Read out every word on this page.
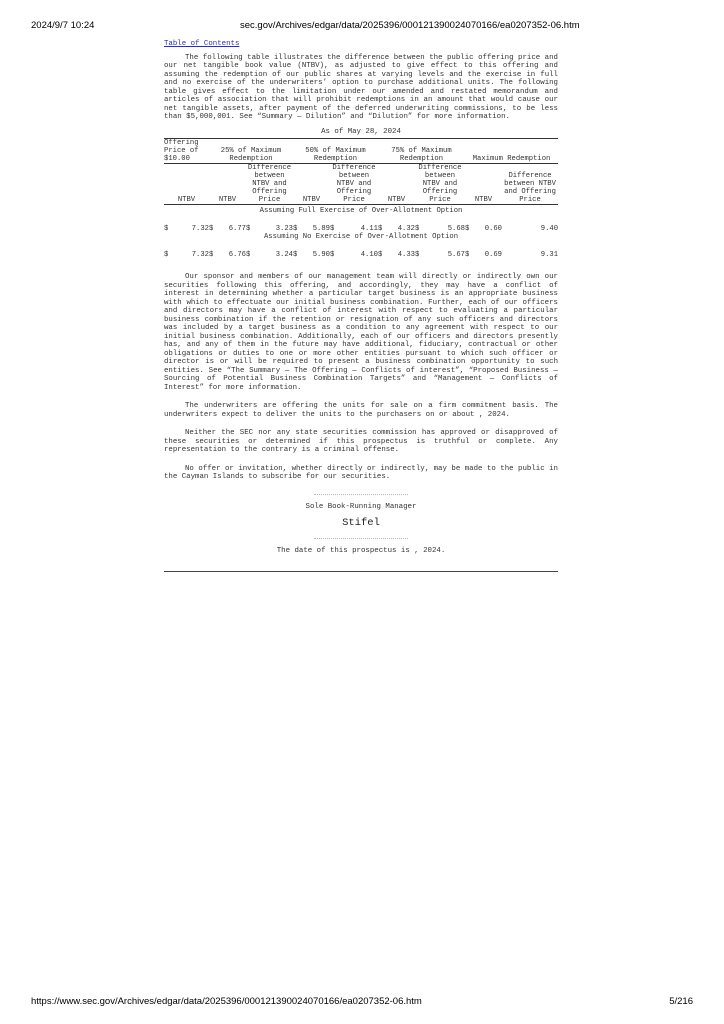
2024/9/7 10:24	sec.gov/Archives/edgar/data/2025396/000121390024070166/ea0207352-06.htm
Table of Contents

The following table illustrates the difference between the public offering price and our net tangible book value (NTBV), as adjusted to give effect to this offering and assuming the redemption of our public shares at varying levels and the exercise in full and no exercise of the underwriters’ option to purchase additional units. The following table gives effect to the limitation under our amended and restated memorandum and articles of association that will prohibit redemptions in an amount that would cause our net tangible assets, after payment of the deferred underwriting commissions, to be less than $5,000,001. See “Summary — Dilution” and “Dilution” for more information.

As of May 28, 2024

Offering Price of $10.00	25% of Maximum Redemption		50% of Maximum Redemption		75% of Maximum Redemption		Maximum Redemption	
NTBV	NTBV	Difference between NTBV and Offering Price	NTBV	Difference between NTBV and Offering Price	NTBV	Difference between NTBV and Offering Price	NTBV	Difference between NTBV and Offering Price
Assuming Full Exercise of Over-Allotment Option								

$ 7.32	$ 6.77	$ 3.23	$ 5.89	$ 4.11	$ 4.32	$ 5.68	$ 0.60	9.40
Assuming No Exercise of Over-Allotment Option								

$ 7.32	$ 6.76	$ 3.24	$ 5.90	$ 4.10	$ 4.33	$ 5.67	$ 0.69	9.31

Our sponsor and members of our management team will directly or indirectly own our securities following this offering, and accordingly, they may have a conflict of interest in determining whether a particular target business is an appropriate business with which to effectuate our initial business combination. Further, each of our officers and directors may have a conflict of interest with respect to evaluating a particular business combination if the retention or resignation of any such officers and directors was included by a target business as a condition to any agreement with respect to our initial business combination. Additionally, each of our officers and directors presently has, and any of them in the future may have additional, fiduciary, contractual or other obligations or duties to one or more other entities pursuant to which such officer or director is or will be required to present a business combination opportunity to such entities. See “The Summary — The Offering — Conflicts of interest”, “Proposed Business — Sourcing of Potential Business Combination Targets” and “Management — Conflicts of Interest” for more information.

The underwriters are offering the units for sale on a firm commitment basis. The underwriters expect to deliver the units to the purchasers on or about , 2024.

Neither the SEC nor any state securities commission has approved or disapproved of these securities or determined if this prospectus is truthful or complete. Any representation to the contrary is a criminal offense.

No offer or invitation, whether directly or indirectly, may be made to the public in the Cayman Islands to subscribe for our securities.

Sole Book-Running Manager

Stifel

The date of this prospectus is , 2024.

https://www.sec.gov/Archives/edgar/data/2025396/000121390024070166/ea0207352-06.htm	5/216
